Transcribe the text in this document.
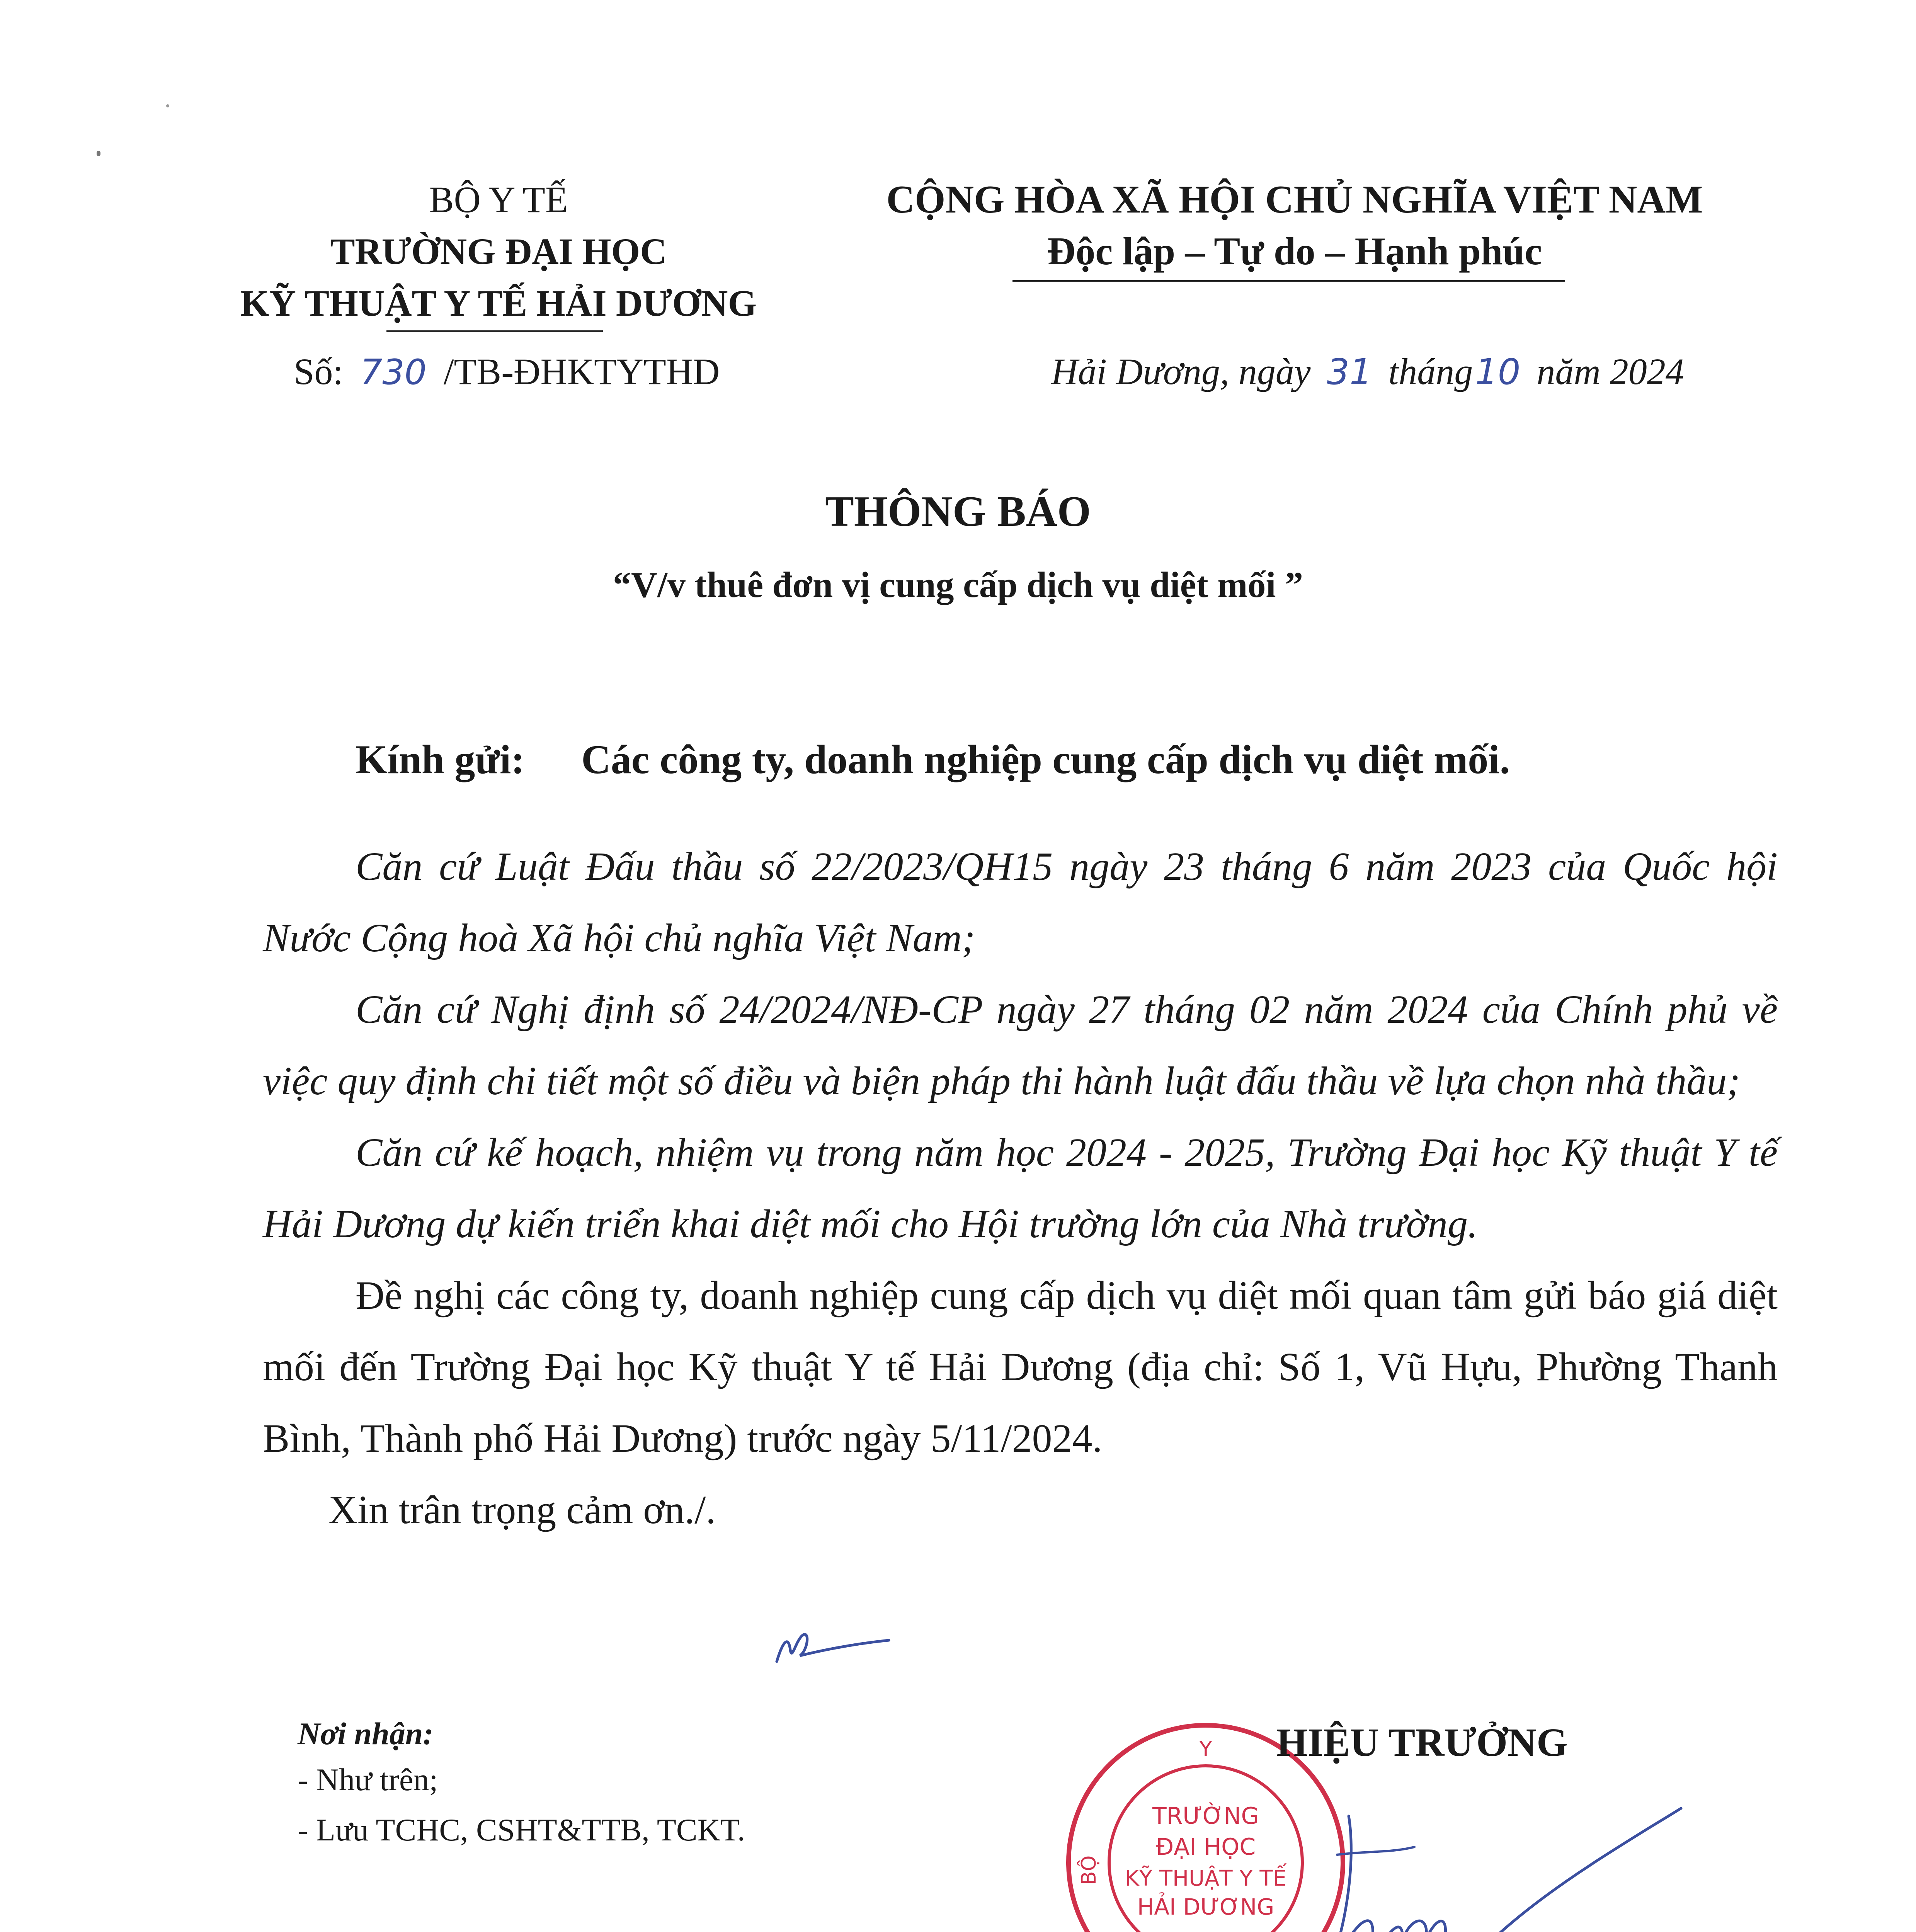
BỘ Y TẾ
TRƯỜNG ĐẠI HỌC
KỸ THUẬT Y TẾ HẢI DƯƠNG
Số: 730 /TB-ĐHKTYTHD
CỘNG HÒA XÃ HỘI CHỦ NGHĨA VIỆT NAM
Độc lập – Tự do – Hạnh phúc
Hải Dương, ngày 31 tháng10 năm 2024
THÔNG BÁO
“V/v thuê đơn vị cung cấp dịch vụ diệt mối ”
Kính gửi: Các công ty, doanh nghiệp cung cấp dịch vụ diệt mối.

Căn cứ Luật Đấu thầu số 22/2023/QH15 ngày 23 tháng 6 năm 2023 của Quốc hội Nước Cộng hoà Xã hội chủ nghĩa Việt Nam;

Căn cứ Nghị định số 24/2024/NĐ-CP ngày 27 tháng 02 năm 2024 của Chính phủ về việc quy định chi tiết một số điều và biện pháp thi hành luật đấu thầu về lựa chọn nhà thầu;

Căn cứ kế hoạch, nhiệm vụ trong năm học 2024 - 2025, Trường Đại học Kỹ thuật Y tế Hải Dương dự kiến triển khai diệt mối cho Hội trường lớn của Nhà trường.

Đề nghị các công ty, doanh nghiệp cung cấp dịch vụ diệt mối quan tâm gửi báo giá diệt mối đến Trường Đại học Kỹ thuật Y tế Hải Dương (địa chỉ: Số 1, Vũ Hựu, Phường Thanh Bình, Thành phố Hải Dương) trước ngày 5/11/2024.

Xin trân trọng cảm ơn./.

Nơi nhận:
- Như trên;
- Lưu TCHC, CSHT&TTB, TCKT.
Y
BỘ
TRƯỜNG
ĐẠI HỌC
KỸ THUẬT Y TẾ
HẢI DƯƠNG
HIỆU TRƯỞNG
